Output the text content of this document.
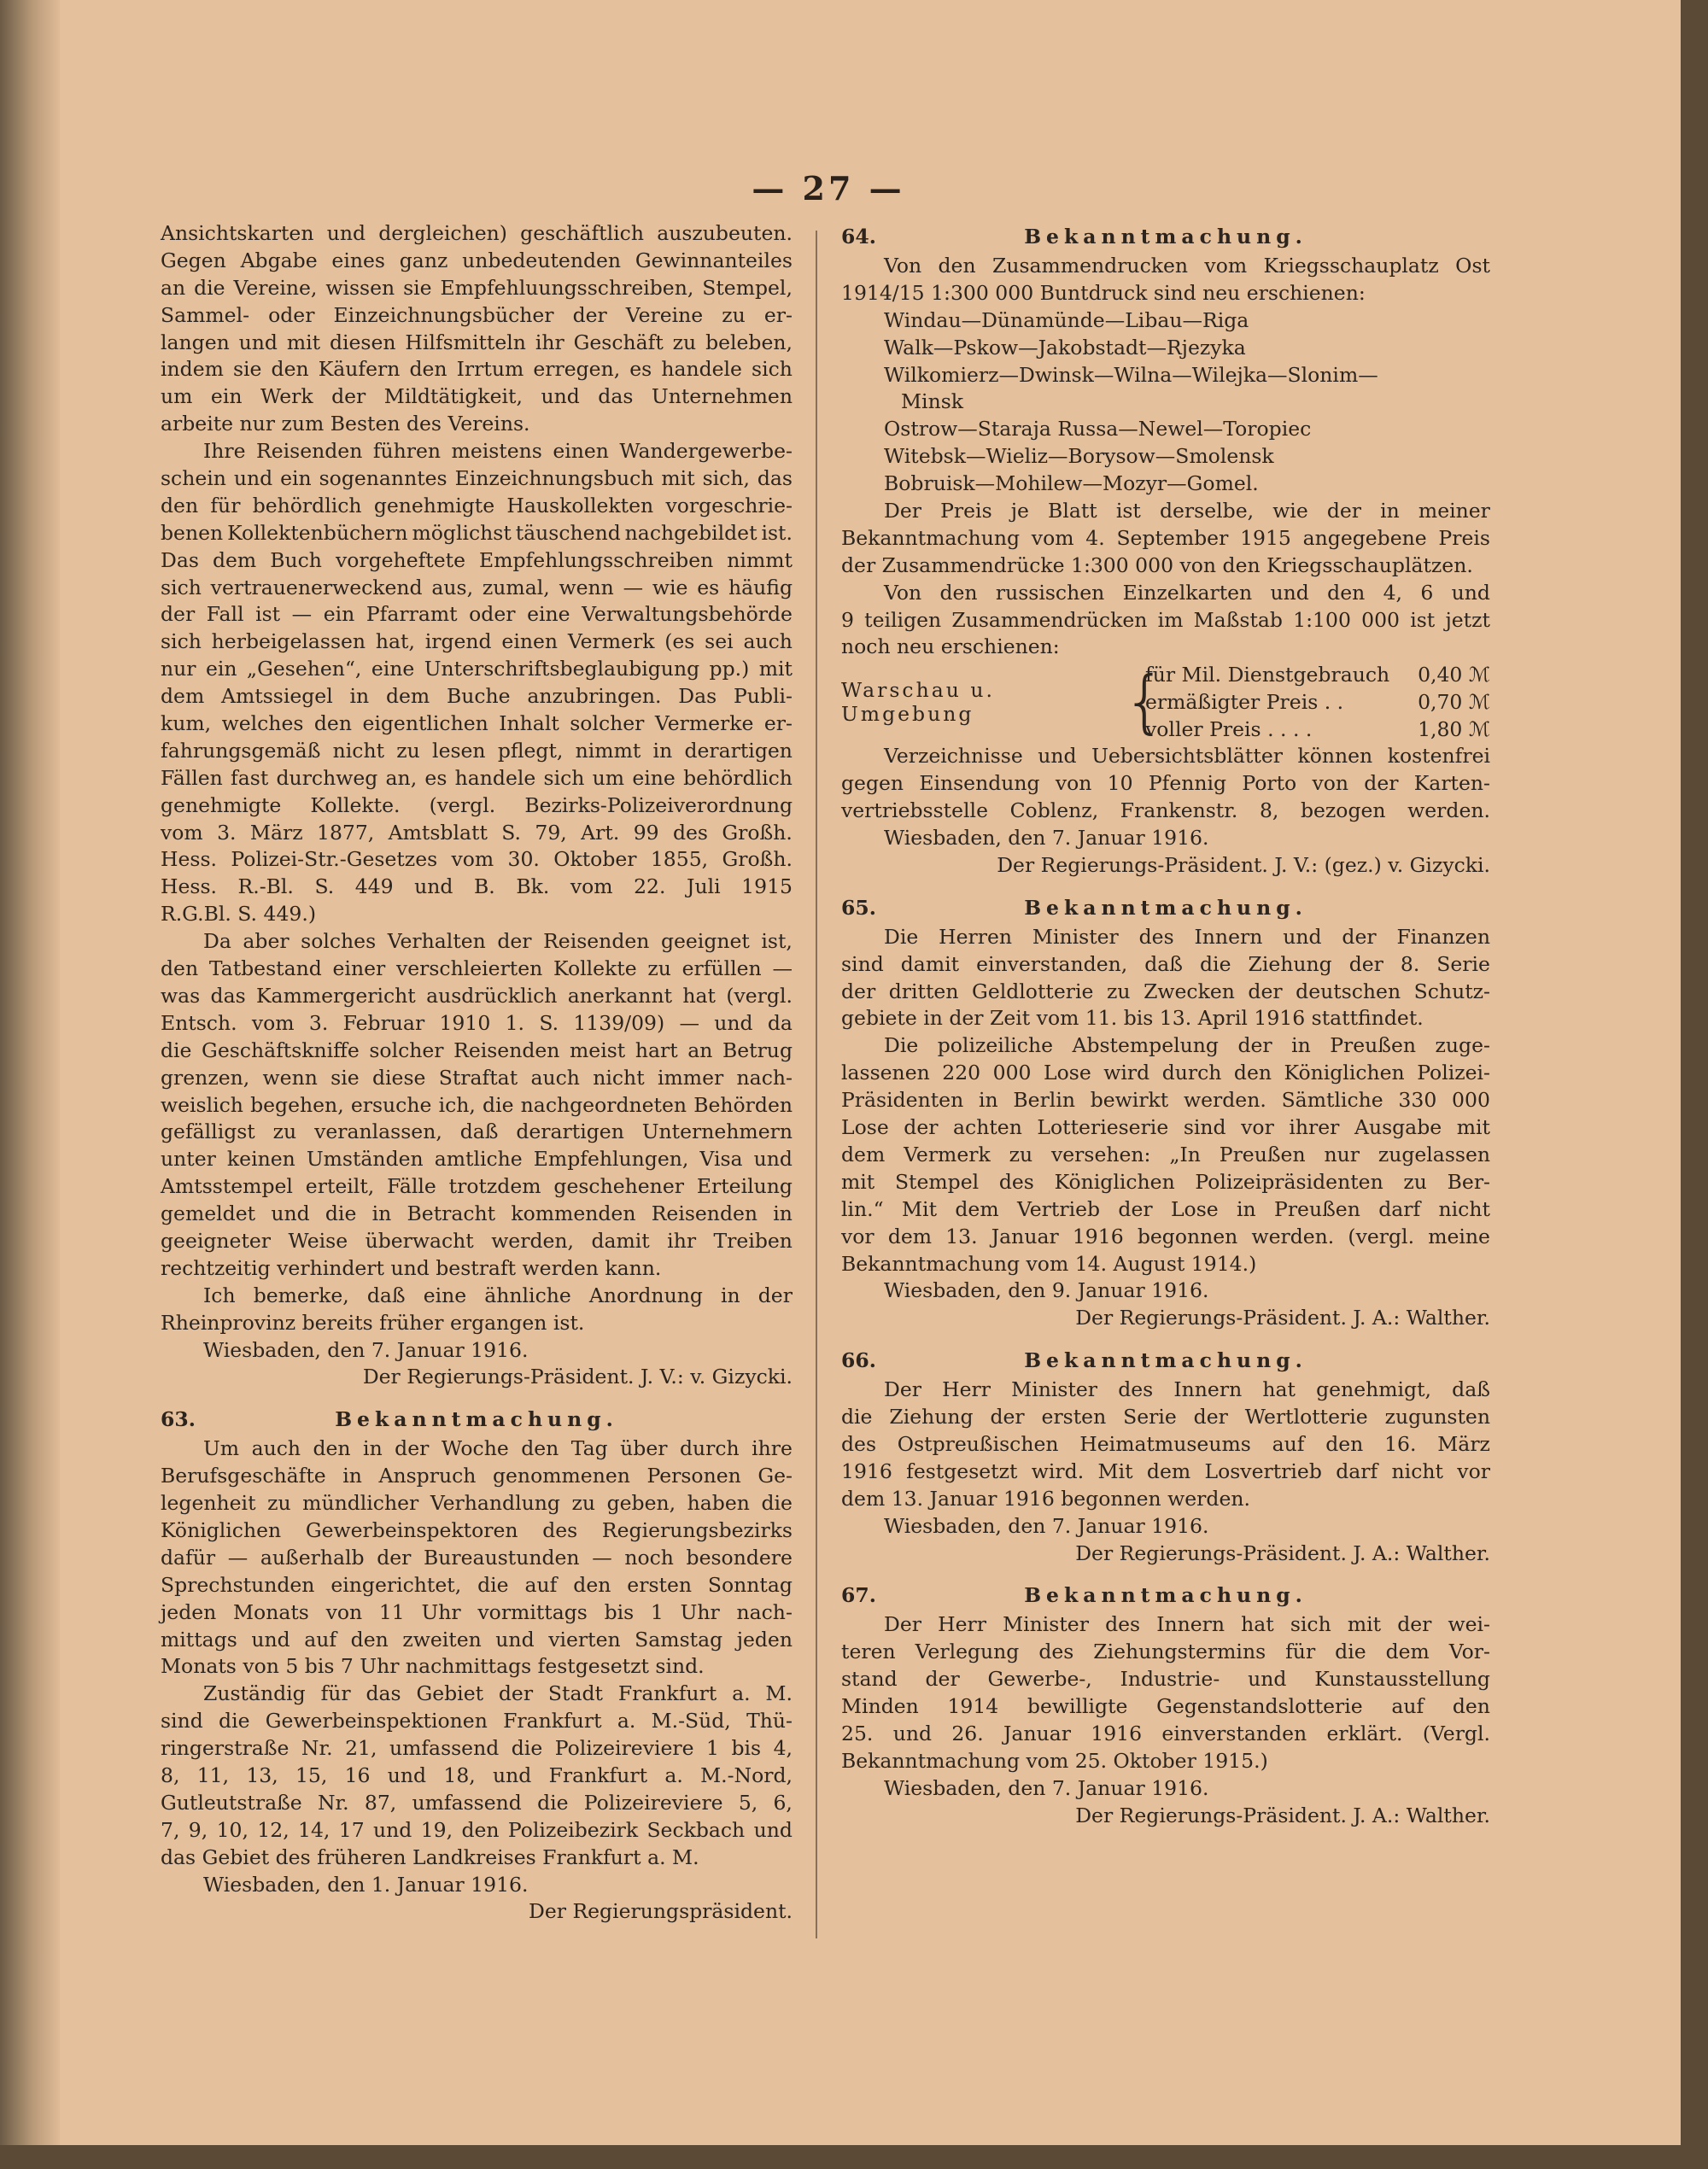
— 27 —
Ansichtskarten und dergleichen) geschäftlich auszubeuten.
Gegen Abgabe eines ganz unbedeutenden Gewinnanteiles
an die Vereine, wissen sie Empfehluungsschreiben, Stempel,
Sammel- oder Einzeichnungsbücher der Vereine zu er-
langen und mit diesen Hilfsmitteln ihr Geschäft zu beleben,
indem sie den Käufern den Irrtum erregen, es handele sich
um ein Werk der Mildtätigkeit, und das Unternehmen
arbeite nur zum Besten des Vereins.
Ihre Reisenden führen meistens einen Wandergewerbe-
schein und ein sogenanntes Einzeichnungsbuch mit sich, das
den für behördlich genehmigte Hauskollekten vorgeschrie-
benen Kollektenbüchern möglichst täuschend nachgebildet ist.
Das dem Buch vorgeheftete Empfehlungsschreiben nimmt
sich vertrauenerweckend aus, zumal, wenn — wie es häufig
der Fall ist — ein Pfarramt oder eine Verwaltungsbehörde
sich herbeigelassen hat, irgend einen Vermerk (es sei auch
nur ein „Gesehen“, eine Unterschriftsbeglaubigung pp.) mit
dem Amtssiegel in dem Buche anzubringen. Das Publi-
kum, welches den eigentlichen Inhalt solcher Vermerke er-
fahrungsgemäß nicht zu lesen pflegt, nimmt in derartigen
Fällen fast durchweg an, es handele sich um eine behördlich
genehmigte Kollekte. (vergl. Bezirks-Polizeiverordnung
vom 3. März 1877, Amtsblatt S. 79, Art. 99 des Großh.
Hess. Polizei-Str.-Gesetzes vom 30. Oktober 1855, Großh.
Hess. R.-Bl. S. 449 und B. Bk. vom 22. Juli 1915
R.G.Bl. S. 449.)
Da aber solches Verhalten der Reisenden geeignet ist,
den Tatbestand einer verschleierten Kollekte zu erfüllen —
was das Kammergericht ausdrücklich anerkannt hat (vergl.
Entsch. vom 3. Februar 1910 1. S. 1139/09) — und da
die Geschäftskniffe solcher Reisenden meist hart an Betrug
grenzen, wenn sie diese Straftat auch nicht immer nach-
weislich begehen, ersuche ich, die nachgeordneten Behörden
gefälligst zu veranlassen, daß derartigen Unternehmern
unter keinen Umständen amtliche Empfehlungen, Visa und
Amtsstempel erteilt, Fälle trotzdem geschehener Erteilung
gemeldet und die in Betracht kommenden Reisenden in
geeigneter Weise überwacht werden, damit ihr Treiben
rechtzeitig verhindert und bestraft werden kann.
Ich bemerke, daß eine ähnliche Anordnung in der
Rheinprovinz bereits früher ergangen ist.
Wiesbaden, den 7. Januar 1916.
Der Regierungs-Präsident. J. V.: v. Gizycki.
63.	Bekanntmachung.
Um auch den in der Woche den Tag über durch ihre
Berufsgeschäfte in Anspruch genommenen Personen Ge-
legenheit zu mündlicher Verhandlung zu geben, haben die
Königlichen Gewerbeinspektoren des Regierungsbezirks
dafür — außerhalb der Bureaustunden — noch besondere
Sprechstunden eingerichtet, die auf den ersten Sonntag
jeden Monats von 11 Uhr vormittags bis 1 Uhr nach-
mittags und auf den zweiten und vierten Samstag jeden
Monats von 5 bis 7 Uhr nachmittags festgesetzt sind.
Zuständig für das Gebiet der Stadt Frankfurt a. M.
sind die Gewerbeinspektionen Frankfurt a. M.-Süd, Thü-
ringerstraße Nr. 21, umfassend die Polizeireviere 1 bis 4,
8, 11, 13, 15, 16 und 18, und Frankfurt a. M.-Nord,
Gutleutstraße Nr. 87, umfassend die Polizeireviere 5, 6,
7, 9, 10, 12, 14, 17 und 19, den Polizeibezirk Seckbach und
das Gebiet des früheren Landkreises Frankfurt a. M.
Wiesbaden, den 1. Januar 1916.
Der Regierungspräsident.
64.	Bekanntmachung.
Von den Zusammendrucken vom Kriegsschauplatz Ost
1914/15 1:300 000 Buntdruck sind neu erschienen:
Windau—Dünamünde—Libau—Riga
Walk—Pskow—Jakobstadt—Rjezyka
Wilkomierz—Dwinsk—Wilna—Wilejka—Slonim—
Minsk
Ostrow—Staraja Russa—Newel—Toropiec
Witebsk—Wieliz—Borysow—Smolensk
Bobruisk—Mohilew—Mozyr—Gomel.
Der Preis je Blatt ist derselbe, wie der in meiner
Bekanntmachung vom 4. September 1915 angegebene Preis
der Zusammendrücke 1:300 000 von den Kriegsschauplätzen.
Von den russischen Einzelkarten und den 4, 6 und
9 teiligen Zusammendrücken im Maßstab 1:100 000 ist jetzt
noch neu erschienen:
Warschau u. Umgebung	{
für Mil. Dienstgebrauch 0,40 ℳ
ermäßigter Preis . .	0,70 ℳ
voller Preis . . . .	1,80 ℳ
Verzeichnisse und Uebersichtsblätter können kostenfrei
gegen Einsendung von 10 Pfennig Porto von der Karten-
vertriebsstelle Coblenz, Frankenstr. 8, bezogen werden.
Wiesbaden, den 7. Januar 1916.
Der Regierungs-Präsident. J. V.: (gez.) v. Gizycki.
65.	Bekanntmachung.
Die Herren Minister des Innern und der Finanzen
sind damit einverstanden, daß die Ziehung der 8. Serie
der dritten Geldlotterie zu Zwecken der deutschen Schutz-
gebiete in der Zeit vom 11. bis 13. April 1916 stattfindet.
Die polizeiliche Abstempelung der in Preußen zuge-
lassenen 220 000 Lose wird durch den Königlichen Polizei-
Präsidenten in Berlin bewirkt werden. Sämtliche 330 000
Lose der achten Lotterieserie sind vor ihrer Ausgabe mit
dem Vermerk zu versehen: „In Preußen nur zugelassen
mit Stempel des Königlichen Polizeipräsidenten zu Ber-
lin.“ Mit dem Vertrieb der Lose in Preußen darf nicht
vor dem 13. Januar 1916 begonnen werden. (vergl. meine
Bekanntmachung vom 14. August 1914.)
Wiesbaden, den 9. Januar 1916.
Der Regierungs-Präsident. J. A.: Walther.
66.	Bekanntmachung.
Der Herr Minister des Innern hat genehmigt, daß
die Ziehung der ersten Serie der Wertlotterie zugunsten
des Ostpreußischen Heimatmuseums auf den 16. März
1916 festgesetzt wird. Mit dem Losvertrieb darf nicht vor
dem 13. Januar 1916 begonnen werden.
Wiesbaden, den 7. Januar 1916.
Der Regierungs-Präsident. J. A.: Walther.
67.	Bekanntmachung.
Der Herr Minister des Innern hat sich mit der wei-
teren Verlegung des Ziehungstermins für die dem Vor-
stand der Gewerbe-, Industrie- und Kunstausstellung
Minden 1914 bewilligte Gegenstandslotterie auf den
25. und 26. Januar 1916 einverstanden erklärt. (Vergl.
Bekanntmachung vom 25. Oktober 1915.)
Wiesbaden, den 7. Januar 1916.
Der Regierungs-Präsident. J. A.: Walther.
